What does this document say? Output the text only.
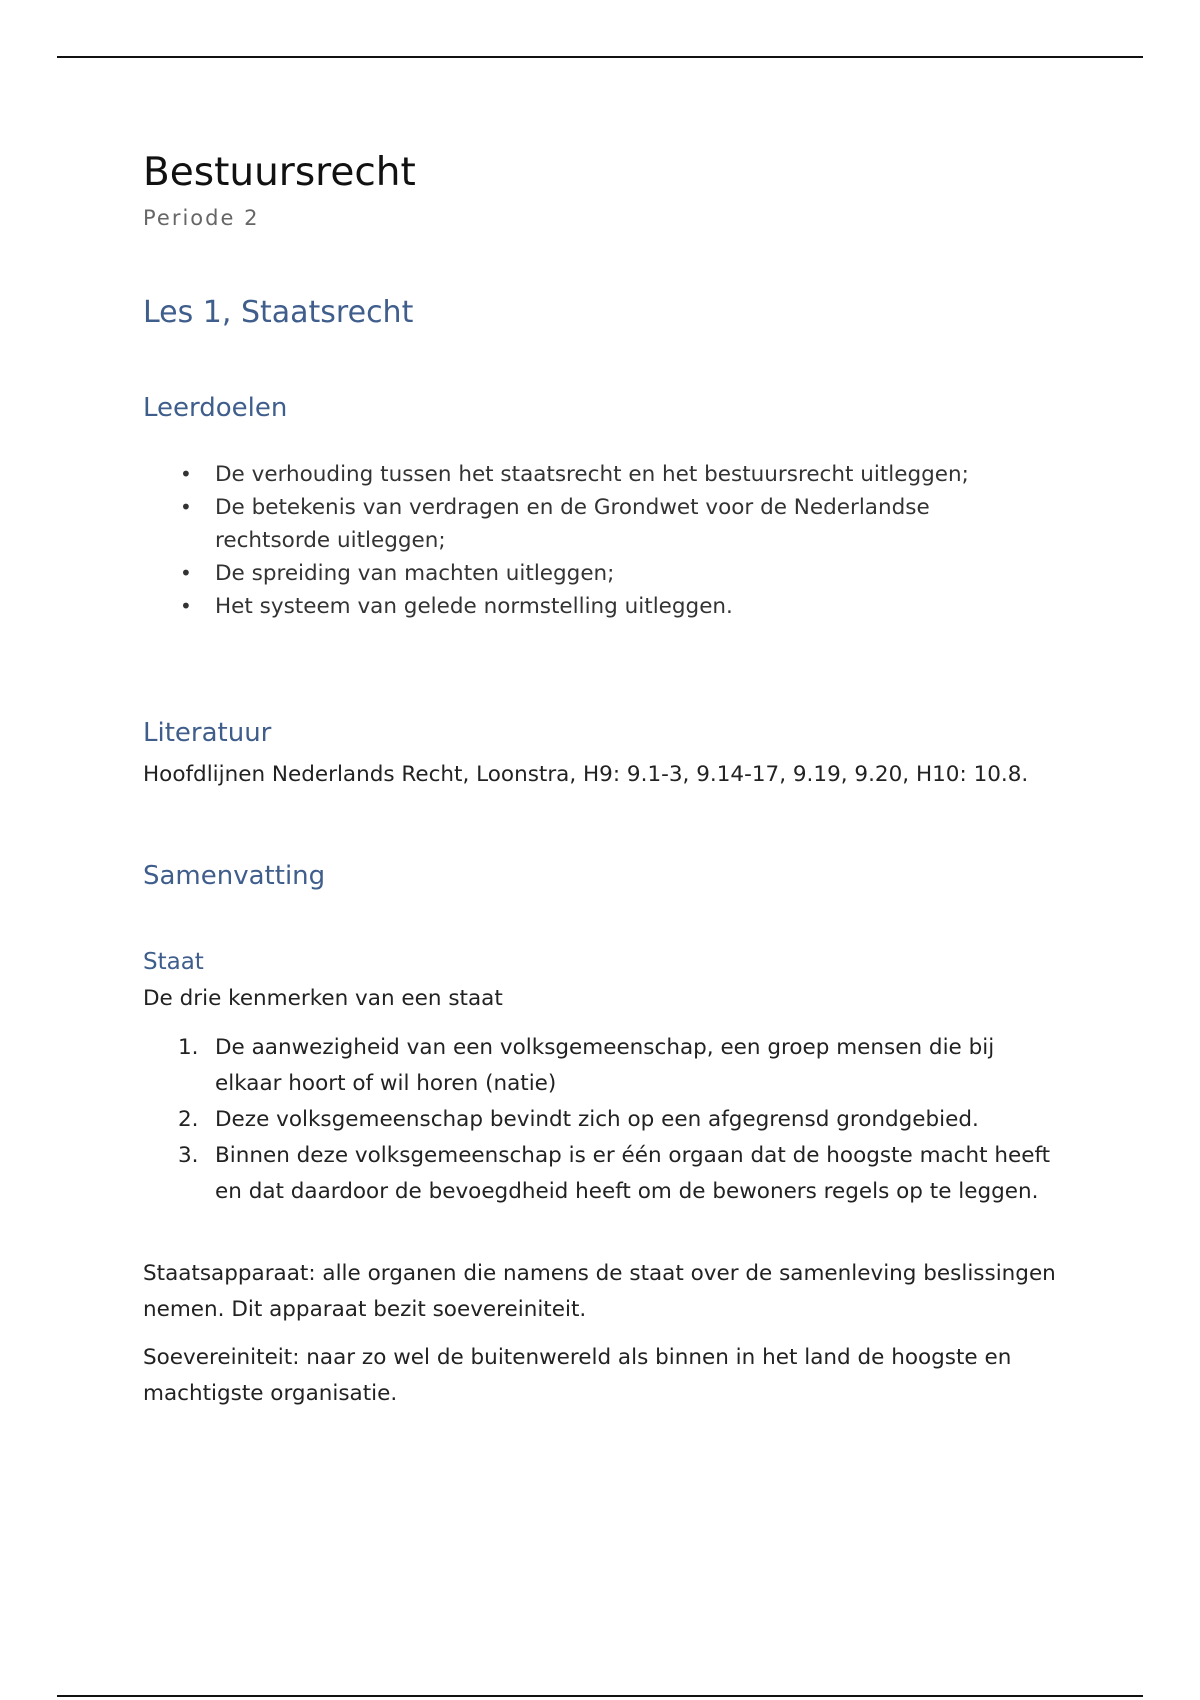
Bestuursrecht
Periode 2
Les 1, Staatsrecht
Leerdoelen
• De verhouding tussen het staatsrecht en het bestuursrecht uitleggen;
• De betekenis van verdragen en de Grondwet voor de Nederlandse rechtsorde uitleggen;
• De spreiding van machten uitleggen;
• Het systeem van gelede normstelling uitleggen.
Literatuur

Hoofdlijnen Nederlands Recht, Loonstra, H9: 9.1-3, 9.14-17, 9.19, 9.20, H10: 10.8.

Samenvatting
Staat

De drie kenmerken van een staat

1. De aanwezigheid van een volksgemeenschap, een groep mensen die bij elkaar hoort of wil horen (natie)
2. Deze volksgemeenschap bevindt zich op een afgegrensd grondgebied.
3. Binnen deze volksgemeenschap is er één orgaan dat de hoogste macht heeft en dat daardoor de bevoegdheid heeft om de bewoners regels op te leggen.

Staatsapparaat: alle organen die namens de staat over de samenleving beslissingen nemen. Dit apparaat bezit soevereiniteit.

Soevereiniteit: naar zo wel de buitenwereld als binnen in het land de hoogste en machtigste organisatie.
